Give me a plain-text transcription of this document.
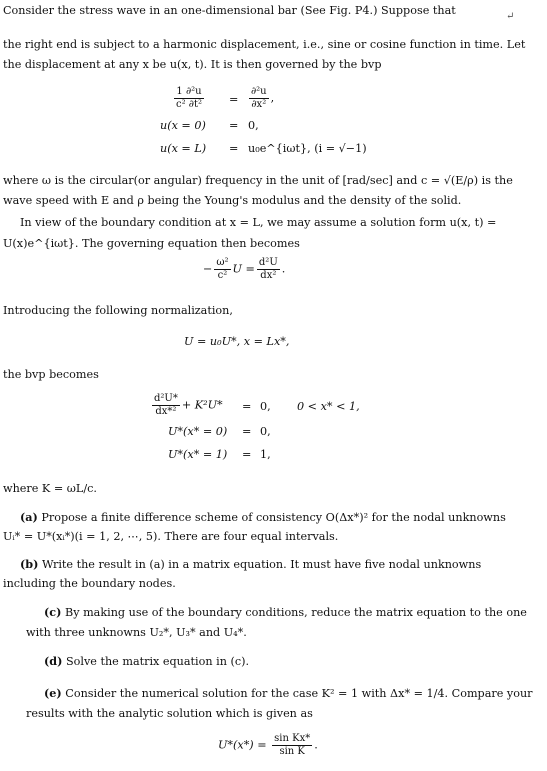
Consider the stress wave in an one-dimensional bar (See Fig. P4.) Suppose that	↵
the right end is subject to a harmonic displacement, i.e., sine or cosine function in time. Let
the displacement at any x be u(x, t). It is then governed by the bvp
$\frac{\text{1 ∂²u}}{\text{c² ∂t²}} = \frac{\text{∂²u}}{\text{∂x²}}$ ,
u(x = 0) = 0,
u(x = L) = u₀e^{iωt}, (i = √−1)
where ω is the circular(or angular) frequency in the unit of [rad/sec] and c = √(E/ρ) is the
wave speed with E and ρ being the Young's modulus and the density of the solid.
In view of the boundary condition at x = L, we may assume a solution form u(x, t) =
U(x)e^{iωt}. The governing equation then becomes
− $\frac{\text{ω²}}{\text{c²}}$ $U = \frac{\text{d²U}}{\text{dx²}}$ .
Introducing the following normalization,
U = u₀U*, x = Lx*,
the bvp becomes
$\frac{\text{d²U*}}{\text{dx*²}} + K^2U* = 0$, 0 < x* < 1,
U*(x* = 0) = 0,
U*(x* = 1) = 1,
where K = ωL/c.
(a) Propose a finite difference scheme of consistency O(Δx*)² for the nodal unknowns
Uᵢ* = U*(xᵢ*)(i = 1, 2, ⋯, 5). There are four equal intervals.
(b) Write the result in (a) in a matrix equation. It must have five nodal unknowns
including the boundary nodes.
(c) By making use of the boundary conditions, reduce the matrix equation to the one
with three unknowns U₂*, U₃* and U₄*.
(d) Solve the matrix equation in (c).
(e) Consider the numerical solution for the case K² = 1 with Δx* = 1/4. Compare your
results with the analytic solution which is given as
$U*(x*) = \frac{\text{sin Kx*}}{\text{sin K}}$ .
